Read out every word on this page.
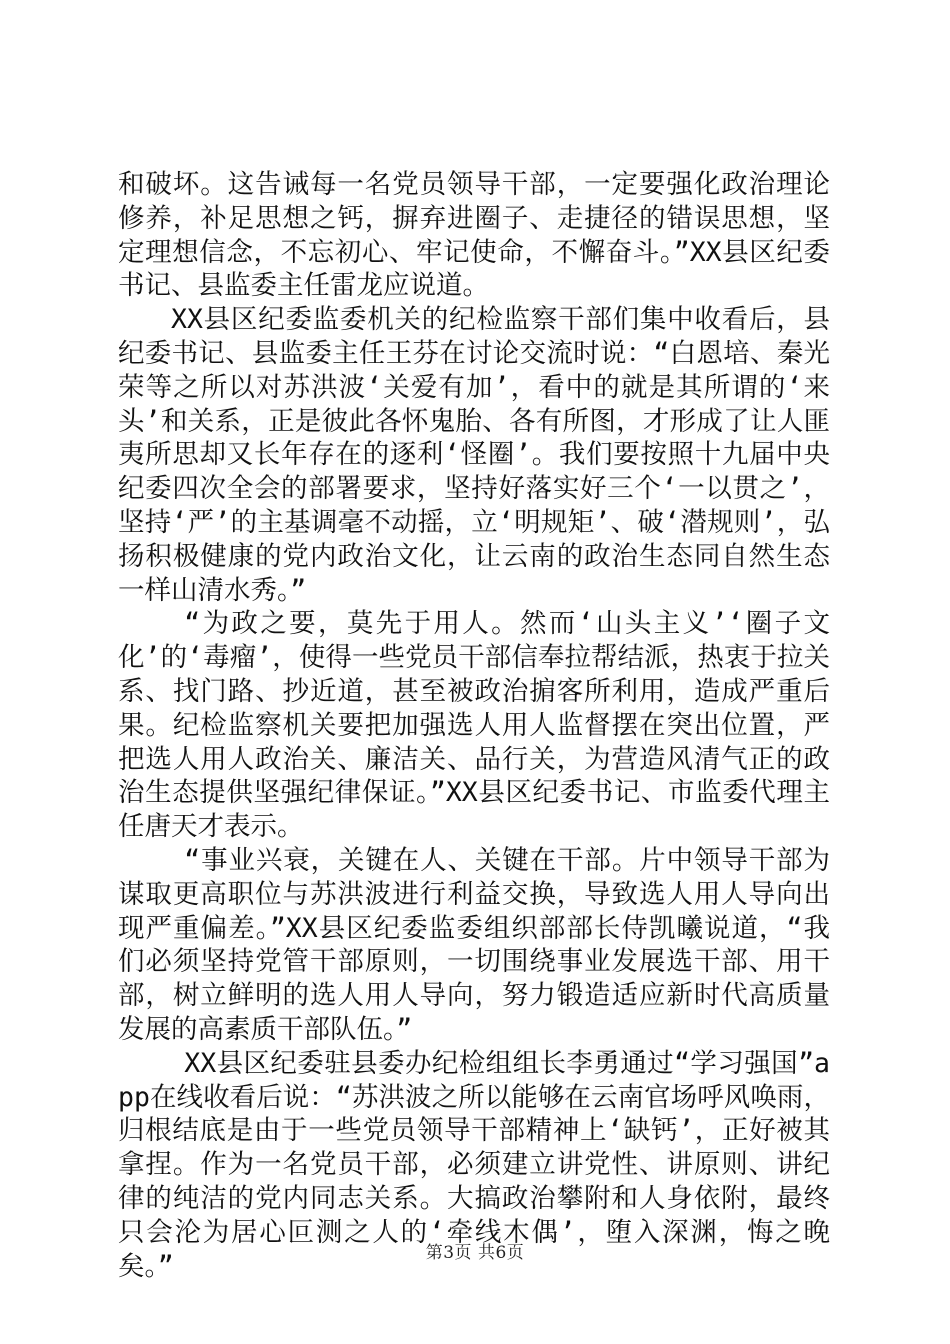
和破坏。这告诫每一名党员领导干部，一定要强化政治理论修养，补足思想之钙，摒弃进圈子、走捷径的错误思想，坚定理想信念，不忘初心、牢记使命，不懈奋斗。”XX县区纪委书记、县监委主任雷龙应说道。

XX县区纪委监委机关的纪检监察干部们集中收看后，县纪委书记、县监委主任王芬在讨论交流时说：“白恩培、秦光荣等之所以对苏洪波‘关爱有加’，看中的就是其所谓的‘来头’和关系，正是彼此各怀鬼胎、各有所图，才形成了让人匪夷所思却又长年存在的逐利‘怪圈’。我们要按照十九届中央纪委四次全会的部署要求，坚持好落实好三个‘一以贯之’，坚持‘严’的主基调毫不动摇，立‘明规矩’、破‘潜规则’，弘扬积极健康的党内政治文化，让云南的政治生态同自然生态一样山清水秀。”

“为政之要，莫先于用人。然而‘山头主义’‘圈子文化’的‘毒瘤’，使得一些党员干部信奉拉帮结派，热衷于拉关系、找门路、抄近道，甚至被政治掮客所利用，造成严重后果。纪检监察机关要把加强选人用人监督摆在突出位置，严把选人用人政治关、廉洁关、品行关，为营造风清气正的政治生态提供坚强纪律保证。”XX县区纪委书记、市监委代理主任唐天才表示。

“事业兴衰，关键在人、关键在干部。片中领导干部为谋取更高职位与苏洪波进行利益交换，导致选人用人导向出现严重偏差。”XX县区纪委监委组织部部长侍凯曦说道，“我们必须坚持党管干部原则，一切围绕事业发展选干部、用干部，树立鲜明的选人用人导向，努力锻造适应新时代高质量发展的高素质干部队伍。”

XX县区纪委驻县委办纪检组组长李勇通过“学习强国”app在线收看后说：“苏洪波之所以能够在云南官场呼风唤雨，归根结底是由于一些党员领导干部精神上‘缺钙’，正好被其拿捏。作为一名党员干部，必须建立讲党性、讲原则、讲纪律的纯洁的党内同志关系。大搞政治攀附和人身依附，最终只会沦为居心叵测之人的‘牵线木偶’，堕入深渊，悔之晚矣。”	第3页 共6页
